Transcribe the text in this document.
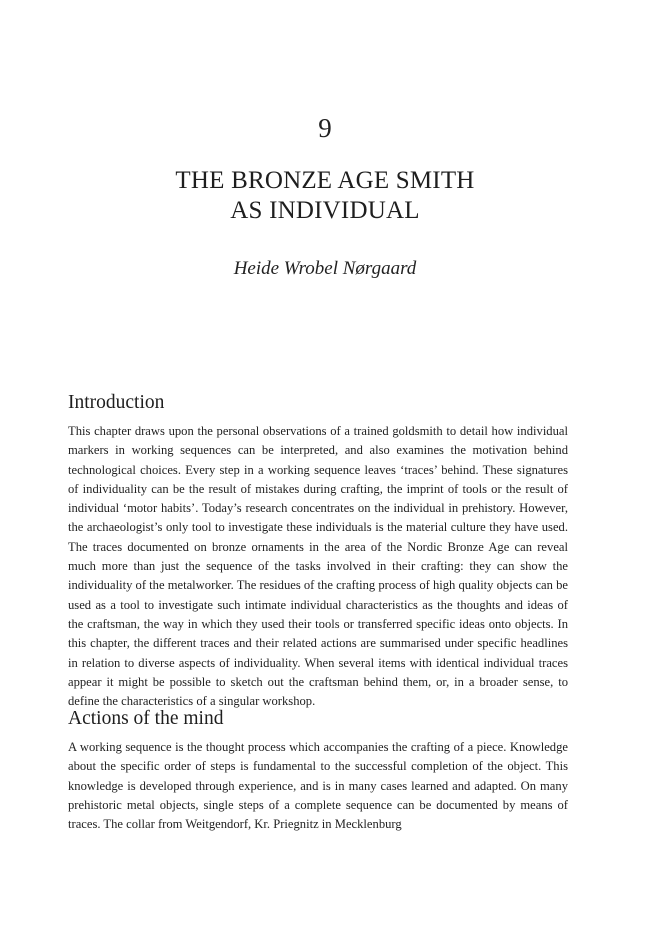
9
THE BRONZE AGE SMITH
AS INDIVIDUAL
Heide Wrobel Nørgaard
Introduction

This chapter draws upon the personal observations of a trained goldsmith to detail how individual markers in working sequences can be interpreted, and also examines the motivation behind technological choices. Every step in a working sequence leaves ‘traces’ behind. These signatures of individuality can be the result of mistakes during crafting, the imprint of tools or the result of individual ‘motor habits’. Today’s research concentrates on the individual in prehistory. However, the archaeologist’s only tool to investigate these individuals is the material culture they have used. The traces documented on bronze ornaments in the area of the Nordic Bronze Age can reveal much more than just the sequence of the tasks involved in their crafting: they can show the individuality of the metalworker. The residues of the crafting process of high quality objects can be used as a tool to investigate such intimate individual characteristics as the thoughts and ideas of the craftsman, the way in which they used their tools or transferred specific ideas onto objects. In this chapter, the different traces and their related actions are summarised under specific headlines in relation to diverse aspects of individuality. When several items with identical individual traces appear it might be possible to sketch out the craftsman behind them, or, in a broader sense, to define the characteristics of a singular workshop.

Actions of the mind

A working sequence is the thought process which accompanies the crafting of a piece. Knowledge about the specific order of steps is fundamental to the successful completion of the object. This knowledge is developed through experience, and is in many cases learned and adapted. On many prehistoric metal objects, single steps of a complete sequence can be documented by means of traces. The collar from Weitgendorf, Kr. Priegnitz in Mecklenburg
